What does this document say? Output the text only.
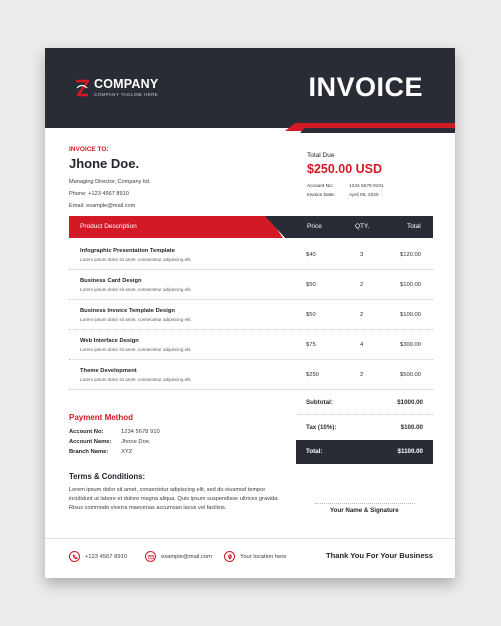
COMPANY
COMPANY TAGLINE HERE	INVOICE
INVOICE TO:
Jhone Doe.
Managing Director, Company ltd.
Phone: +123 4567 8910
Email: example@mail.com
Total Due
$250.00 USD
Account No:	1234 5678 9101
Invoice Date:	April 05, 2020
Product Description	Price	QTY.	Total
Infographic Presentation Template
Lorem ipsum dolor sit amet, consectetur adipiscing elit.
$40	3	$120.00
Business Card Design
Lorem ipsum dolor sit amet, consectetur adipiscing elit.
$50	2	$100.00
Business Invoice Template Design
Lorem ipsum dolor sit amet, consectetur adipiscing elit.
$50	2	$100.00
Web Interface Design
Lorem ipsum dolor sit amet, consectetur adipiscing elit.
$75	4	$300.00
Theme Development
Lorem ipsum dolor sit amet, consectetur adipiscing elit.
$250	2	$500.00
Subtotal:	$1000.00
Tax (10%):	$100.00
Total:	$1100.00
Payment Method
Account No:	1234 5678 910
Account Name:	Jhone Doe.
Branch Name:	XYZ
Terms & Conditions:
Lorem ipsum dolor sit amet, consectetur adipiscing elit, sed do eiusmod tempor incididunt ut labore et dolore magna aliqua. Quis ipsum suspendisse ultrices gravida. Risus commodo viverra maecenas accumsan lacus vel facilisis.	Your Name & Signature
+123 4567 8910	example@mail.com	Your location here	Thank You For Your Business
